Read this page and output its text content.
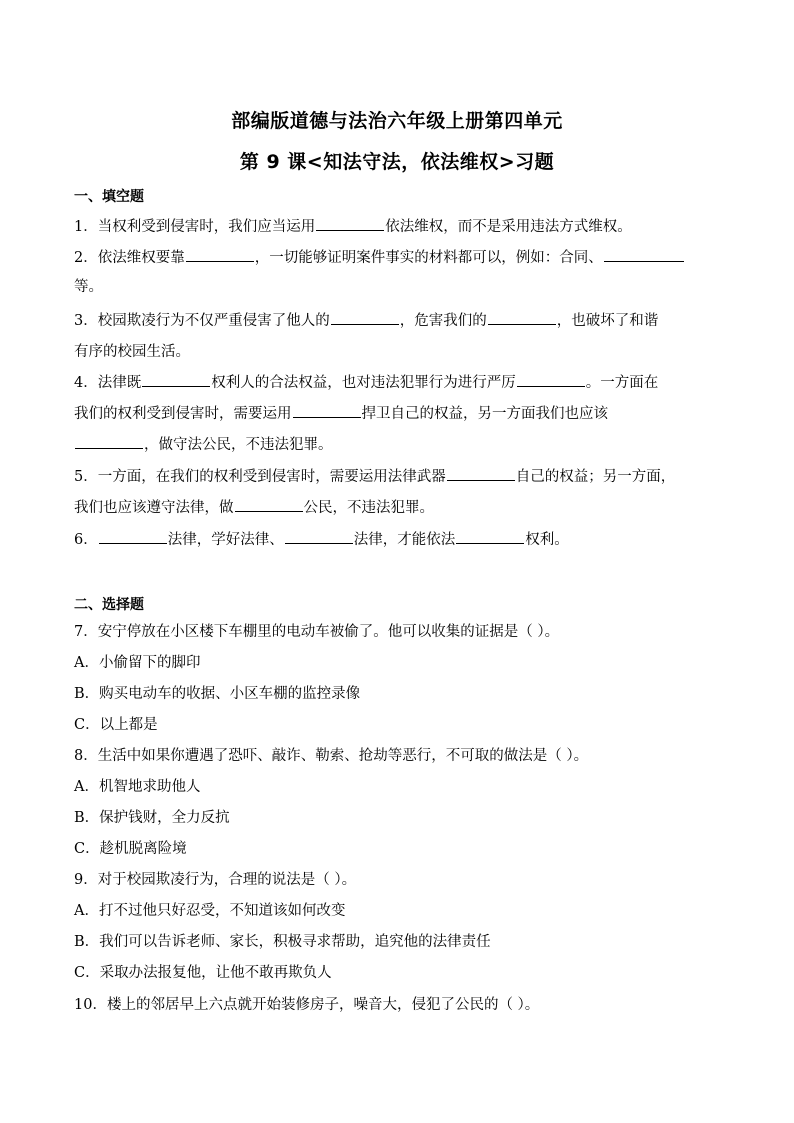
部编版道德与法治六年级上册第四单元
第 9 课<知法守法，依法维权>习题
一、填空题
1．当权利受到侵害时，我们应当运用	依法维权，而不是采用违法方式维权。
2．依法维权要靠	，一切能够证明案件事实的材料都可以，例如：合同、
等。
3．校园欺凌行为不仅严重侵害了他人的	，危害我们的	，也破坏了和谐
有序的校园生活。
4．法律既	权利人的合法权益，也对违法犯罪行为进行严厉	。一方面在
我们的权利受到侵害时，需要运用	捍卫自己的权益，另一方面我们也应该
，做守法公民，不违法犯罪。
5．一方面，在我们的权利受到侵害时，需要运用法律武器	自己的权益；另一方面，
我们也应该遵守法律，做	公民，不违法犯罪。
6．	法律，学好法律、	法律，才能依法	权利。
二、选择题
7．安宁停放在小区楼下车棚里的电动车被偷了。他可以收集的证据是（ ）。
A．小偷留下的脚印
B．购买电动车的收据、小区车棚的监控录像
C．以上都是
8．生活中如果你遭遇了恐吓、敲诈、勒索、抢劫等恶行，不可取的做法是（ ）。
A．机智地求助他人
B．保护钱财，全力反抗
C．趁机脱离险境
9．对于校园欺凌行为，合理的说法是（ ）。
A．打不过他只好忍受，不知道该如何改变
B．我们可以告诉老师、家长，积极寻求帮助，追究他的法律责任
C．采取办法报复他，让他不敢再欺负人
10．楼上的邻居早上六点就开始装修房子，噪音大，侵犯了公民的（ ）。
